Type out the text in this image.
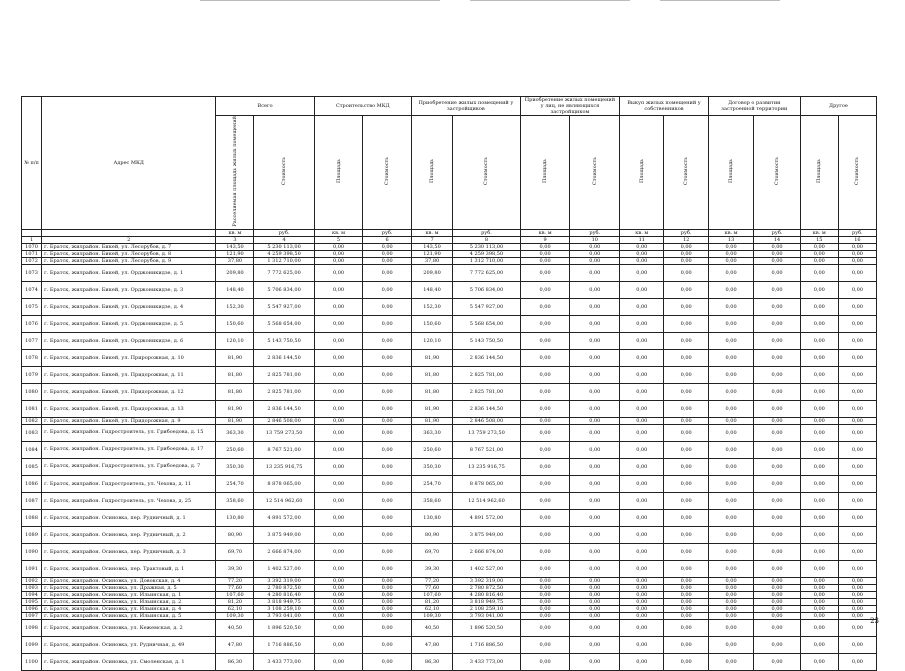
№ п/п	Адрес МКД	Всего		Строительство МКД		Приобретение жилых помещений у застройщиков		Приобретение жилых помещений у лиц, не являющихся застройщиком		Выкуп жилых помещений у собственников		Договор о развитии застроенной территории		Другое	
		Расселяемая площадь жилых помещений	Стоимость	Площадь	Стоимость	Площадь	Стоимость	Площадь	Стоимость	Площадь	Стоимость	Площадь	Стоимость	Площадь	Стоимость
		кв. м	руб.	кв. м	руб.	кв. м	руб.	кв. м	руб.	кв. м	руб.	кв. м	руб.	кв. м	руб.
1	2	3	4	5	6	7	8	9	10	11	12	13	14	15	16
1070	г. Братск, жилрайон. Бикей, ул. Лесорубов, д. 7	143,50	5 230 113,00	0,00	0,00	143,50	5 230 113,00	0,00	0,00	0,00	0,00	0,00	0,00	0,00	0,00
1071	г. Братск, жилрайон. Бикей, ул. Лесорубов, д. 8	121,90	4 259 398,50	0,00	0,00	121,90	4 259 398,50	0,00	0,00	0,00	0,00	0,00	0,00	0,00	0,00
1072	г. Братск, жилрайон. Бикей, ул. Лесорубов, д. 9	37,80	1 312 710,00	0,00	0,00	37,80	1 312 710,00	0,00	0,00	0,00	0,00	0,00	0,00	0,00	0,00
1073	г. Братск, жилрайон. Бикей, ул. Орджоникидзе, д. 1	209,80	7 772 625,00	0,00	0,00	209,80	7 772 625,00	0,00	0,00	0,00	0,00	0,00	0,00	0,00	0,00
1074	г. Братск, жилрайон. Бикей, ул. Орджоникидзе, д. 3	148,40	5 706 834,00	0,00	0,00	148,40	5 706 834,00	0,00	0,00	0,00	0,00	0,00	0,00	0,00	0,00
1075	г. Братск, жилрайон. Бикей, ул. Орджоникидзе, д. 4	152,30	5 547 927,00	0,00	0,00	152,30	5 547 927,00	0,00	0,00	0,00	0,00	0,00	0,00	0,00	0,00
1076	г. Братск, жилрайон. Бикей, ул. Орджоникидзе, д. 5	150,60	5 568 654,00	0,00	0,00	150,60	5 568 654,00	0,00	0,00	0,00	0,00	0,00	0,00	0,00	0,00
1077	г. Братск, жилрайон. Бикей, ул. Орджоникидзе, д. 6	120,10	5 143 750,50	0,00	0,00	120,10	5 143 750,50	0,00	0,00	0,00	0,00	0,00	0,00	0,00	0,00
1078	г. Братск, жилрайон. Бикей, ул. Приророжная, д. 10	81,90	2 836 144,50	0,00	0,00	81,90	2 836 144,50	0,00	0,00	0,00	0,00	0,00	0,00	0,00	0,00
1079	г. Братск, жилрайон. Бикей, ул. Придорожная, д. 11	81,80	2 825 781,00	0,00	0,00	81,80	2 825 781,00	0,00	0,00	0,00	0,00	0,00	0,00	0,00	0,00
1080	г. Братск, жилрайон. Бикей, ул. Придорожная, д. 12	81,80	2 825 781,00	0,00	0,00	81,80	2 825 781,00	0,00	0,00	0,00	0,00	0,00	0,00	0,00	0,00
1081	г. Братск, жилрайон. Бикей, ул. Придорожная, д. 13	81,90	2 836 144,50	0,00	0,00	81,90	2 836 144,50	0,00	0,00	0,00	0,00	0,00	0,00	0,00	0,00
1082	г. Братск, жилрайон. Бикей, ул. Придорожная, д. 9	81,90	2 846 508,00	0,00	0,00	81,90	2 846 508,00	0,00	0,00	0,00	0,00	0,00	0,00	0,00	0,00
1083	г. Братск, жилрайон. Гидростроитель, ул. Грибоедова, д. 15	363,30	13 759 273,50	0,00	0,00	363,30	13 759 273,50	0,00	0,00	0,00	0,00	0,00	0,00	0,00	0,00
1084	г. Братск, жилрайон. Гидростроитель, ул. Грибоедова, д. 17	250,60	8 767 521,00	0,00	0,00	250,60	8 767 521,00	0,00	0,00	0,00	0,00	0,00	0,00	0,00	0,00
1085	г. Братск, жилрайон. Гидростроитель, ул. Грибоедова, д. 7	350,30	13 235 916,75	0,00	0,00	350,30	13 235 916,75	0,00	0,00	0,00	0,00	0,00	0,00	0,00	0,00
1086	г. Братск, жилрайон. Гидростроитель, ул. Чехова, д. 11	254,70	8 878 065,00	0,00	0,00	254,70	8 878 065,00	0,00	0,00	0,00	0,00	0,00	0,00	0,00	0,00
1087	г. Братск, жилрайон. Гидростроитель, ул. Чехова, д. 25	358,60	12 514 962,60	0,00	0,00	358,60	12 514 962,60	0,00	0,00	0,00	0,00	0,00	0,00	0,00	0,00
1088	г. Братск, жилрайон. Осиновка, пер. Рудничный, д. 1	130,80	4 891 572,00	0,00	0,00	130,80	4 891 572,00	0,00	0,00	0,00	0,00	0,00	0,00	0,00	0,00
1089	г. Братск, жилрайон. Осиновка, пер. Рудничный, д. 2	80,90	3 875 949,00	0,00	0,00	80,90	3 875 949,00	0,00	0,00	0,00	0,00	0,00	0,00	0,00	0,00
1090	г. Братск, жилрайон. Осиновка, пер. Рудничный, д. 3	69,70	2 666 874,00	0,00	0,00	69,70	2 666 874,00	0,00	0,00	0,00	0,00	0,00	0,00	0,00	0,00
1091	г. Братск, жилрайон. Осиновка, пер. Трактовый, д. 1	39,30	1 402 527,00	0,00	0,00	39,30	1 402 527,00	0,00	0,00	0,00	0,00	0,00	0,00	0,00	0,00
1092	г. Братск, жилрайон. Осиновка, ул. Довокская, д. 4	77,20	3 392 319,00	0,00	0,00	77,20	3 392 319,00	0,00	0,00	0,00	0,00	0,00	0,00	0,00	0,00
1093	г. Братск, жилрайон. Осиновка, ул. Дражная, д. 5	77,60	2 780 872,50	0,00	0,00	77,60	2 780 872,50	0,00	0,00	0,00	0,00	0,00	0,00	0,00	0,00
1094	г. Братск, жилрайон. Осиновка, ул. Ильинская, д. 1	107,60	4 280 816,40	0,00	0,00	107,60	4 280 816,40	0,00	0,00	0,00	0,00	0,00	0,00	0,00	0,00
1095	г. Братск, жилрайон. Осиновка, ул. Ильинская, д. 2	81,20	3 818 949,75	0,00	0,00	81,20	3 818 949,75	0,00	0,00	0,00	0,00	0,00	0,00	0,00	0,00
1096	г. Братск, жилрайон. Осиновка, ул. Ильинская, д. 4	62,10	3 108 259,10	0,00	0,00	62,10	2 108 259,10	0,00	0,00	0,00	0,00	0,00	0,00	0,00	0,00
1097	г. Братск, жилрайон. Осиновка, ул. Ильинская, д. 5	109,30	3 793 041,00	0,00	0,00	109,30	3 793 041,00	0,00	0,00	0,00	0,00	0,00	0,00	0,00	0,00
1098	г. Братск, жилрайон. Осиновка, ул. Кежемская, д. 2	40,50	1 896 520,50	0,00	0,00	40,50	1 896 520,50	0,00	0,00	0,00	0,00	0,00	0,00	0,00	0,00
1099	г. Братск, жилрайон. Осиновка, ул. Рудничная, д. 49	47,80	1 716 886,50	0,00	0,00	47,80	1 716 886,50	0,00	0,00	0,00	0,00	0,00	0,00	0,00	0,00
1100	г. Братск, жилрайон. Осиновка, ул. Смоленская, д. 1	86,30	3 433 773,00	0,00	0,00	86,30	3 433 773,00	0,00	0,00	0,00	0,00	0,00	0,00	0,00	0,00
23
